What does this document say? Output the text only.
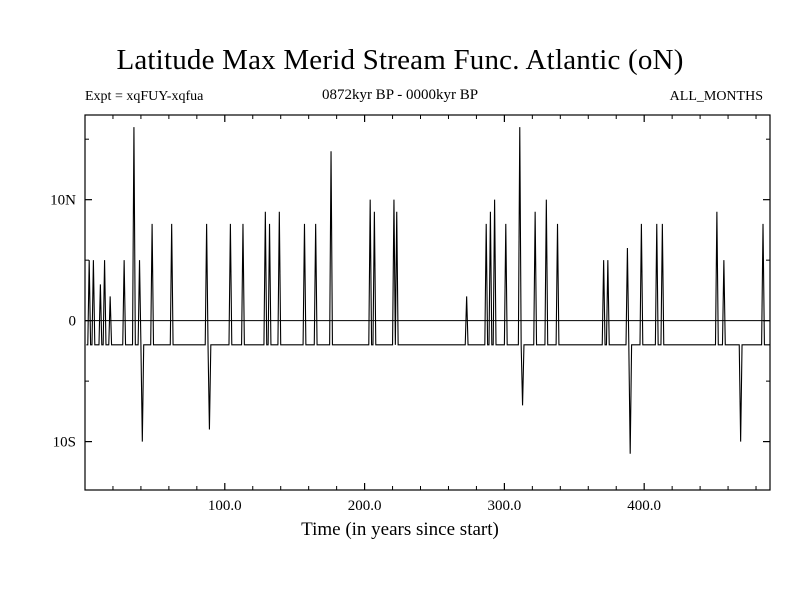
Latitude Max Merid Stream Func. Atlantic (oN)
Expt = xqFUY-xqfua	0872kyr BP - 0000kyr BP	ALL_MONTHS
100.0	200.0	300.0	400.0
10S
0
10N
Time (in years since start)
